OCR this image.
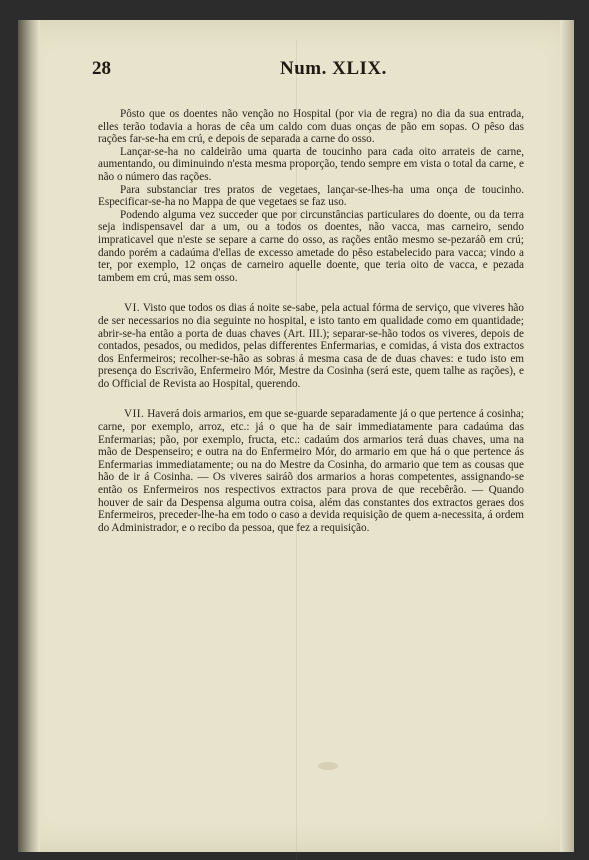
28	Num. XLIX.

Pôsto que os doentes não venção no Hospital (por via de regra) no dia da sua entrada, elles terão todavia a horas de cêa um caldo com duas onças de pão em sopas. O pêso das rações far-se-ha em crú, e depois de separada a carne do osso.

Lançar-se-ha no caldeirão uma quarta de toucinho para cada oito arrateis de carne, aumentando, ou diminuindo n'esta mesma proporção, tendo sempre em vista o total da carne, e não o número das rações.

Para substanciar tres pratos de vegetaes, lançar-se-lhes-ha uma onça de toucinho. Especificar-se-ha no Mappa de que vegetaes se faz uso.

Podendo alguma vez succeder que por circunstâncias particulares do doente, ou da terra seja indispensavel dar a um, ou a todos os doentes, não vacca, mas carneiro, sendo impraticavel que n'este se separe a carne do osso, as rações então mesmo se-pezaráõ em crú; dando porém a cadaúma d'ellas de excesso ametade do pêso estabelecido para vacca; vindo a ter, por exemplo, 12 onças de carneiro aquelle doente, que teria oito de vacca, e pezada tambem em crú, mas sem osso.

VI. Visto que todos os dias á noite se-sabe, pela actual fórma de serviço, que viveres hão de ser necessarios no dia seguinte no hospital, e isto tanto em qualidade como em quantidade; abrir-se-ha então a porta de duas chaves (Art. III.); separar-se-hão todos os viveres, depois de contados, pesados, ou medidos, pelas differentes Enfermarias, e comidas, á vista dos extractos dos Enfermeiros; recolher-se-hão as sobras á mesma casa de de duas chaves: e tudo isto em presença do Escrivão, Enfermeiro Mór, Mestre da Cosinha (será este, quem talhe as rações), e do Official de Revista ao Hospital, querendo.

VII. Haverá dois armarios, em que se-guarde separadamente já o que pertence á cosinha; carne, por exemplo, arroz, etc.: já o que ha de sair immediatamente para cadaúma das Enfermarias; pão, por exemplo, fructa, etc.: cadaúm dos armarios terá duas chaves, uma na mão de Despenseiro; e outra na do Enfermeiro Mór, do armario em que há o que pertence ás Enfermarias immediatamente; ou na do Mestre da Cosinha, do armario que tem as cousas que hão de ir á Cosinha. — Os viveres sairáõ dos armarios a horas competentes, assignando-se então os Enfermeiros nos respectivos extractos para prova de que recebêrão. — Quando houver de sair da Despensa alguma outra coisa, além das constantes dos extractos geraes dos Enfermeiros, preceder-lhe-ha em todo o caso a devida requisição de quem a-necessita, á ordem do Administrador, e o recibo da pessoa, que fez a requisição.
